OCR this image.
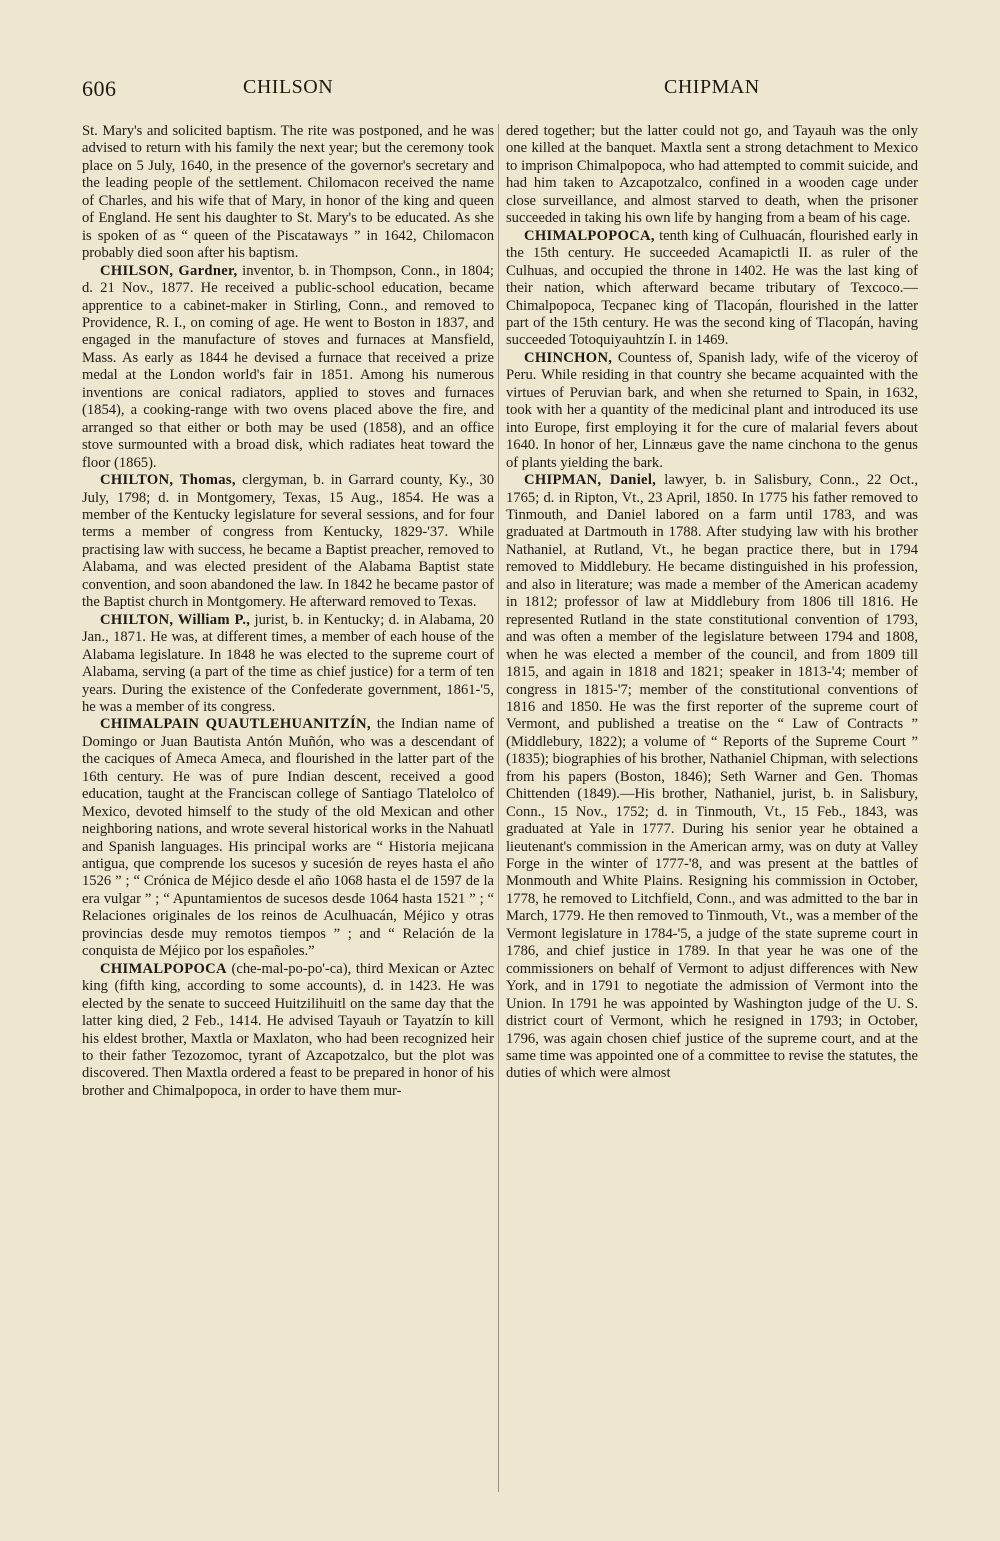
606	CHILSON	CHIPMAN

St. Mary's and solicited baptism. The rite was postponed, and he was advised to return with his family the next year; but the ceremony took place on 5 July, 1640, in the presence of the governor's secretary and the leading people of the settlement. Chilomacon received the name of Charles, and his wife that of Mary, in honor of the king and queen of England. He sent his daughter to St. Mary's to be educated. As she is spoken of as “ queen of the Piscataways ” in 1642, Chilomacon probably died soon after his baptism.

CHILSON, Gardner, inventor, b. in Thompson, Conn., in 1804; d. 21 Nov., 1877. He received a public-school education, became apprentice to a cabinet-maker in Stirling, Conn., and removed to Providence, R. I., on coming of age. He went to Boston in 1837, and engaged in the manufacture of stoves and furnaces at Mansfield, Mass. As early as 1844 he devised a furnace that received a prize medal at the London world's fair in 1851. Among his numerous inventions are conical radiators, applied to stoves and furnaces (1854), a cooking-range with two ovens placed above the fire, and arranged so that either or both may be used (1858), and an office stove surmounted with a broad disk, which radiates heat toward the floor (1865).

CHILTON, Thomas, clergyman, b. in Garrard county, Ky., 30 July, 1798; d. in Montgomery, Texas, 15 Aug., 1854. He was a member of the Kentucky legislature for several sessions, and for four terms a member of congress from Kentucky, 1829-'37. While practising law with success, he became a Baptist preacher, removed to Alabama, and was elected president of the Alabama Baptist state convention, and soon abandoned the law. In 1842 he became pastor of the Baptist church in Montgomery. He afterward removed to Texas.

CHILTON, William P., jurist, b. in Kentucky; d. in Alabama, 20 Jan., 1871. He was, at different times, a member of each house of the Alabama legislature. In 1848 he was elected to the supreme court of Alabama, serving (a part of the time as chief justice) for a term of ten years. During the existence of the Confederate government, 1861-'5, he was a member of its congress.

CHIMALPAIN QUAUTLEHUANITZÍN, the Indian name of Domingo or Juan Bautista Antón Muñón, who was a descendant of the caciques of Ameca Ameca, and flourished in the latter part of the 16th century. He was of pure Indian descent, received a good education, taught at the Franciscan college of Santiago Tlatelolco of Mexico, devoted himself to the study of the old Mexican and other neighboring nations, and wrote several historical works in the Nahuatl and Spanish languages. His principal works are “ Historia mejicana antigua, que comprende los sucesos y sucesión de reyes hasta el año 1526 ” ; “ Crónica de Méjico desde el año 1068 hasta el de 1597 de la era vulgar ” ; “ Apuntamientos de sucesos desde 1064 hasta 1521 ” ; “ Relaciones originales de los reinos de Aculhuacán, Méjico y otras provincias desde muy remotos tiempos ” ; and “ Relación de la conquista de Méjico por los españoles.”

CHIMALPOPOCA (che-mal-po-po'-ca), third Mexican or Aztec king (fifth king, according to some accounts), d. in 1423. He was elected by the senate to succeed Huitzilihuitl on the same day that the latter king died, 2 Feb., 1414. He advised Tayauh or Tayatzín to kill his eldest brother, Maxtla or Maxlaton, who had been recognized heir to their father Tezozomoc, tyrant of Azcapotzalco, but the plot was discovered. Then Maxtla ordered a feast to be prepared in honor of his brother and Chimalpopoca, in order to have them mur-

dered together; but the latter could not go, and Tayauh was the only one killed at the banquet. Maxtla sent a strong detachment to Mexico to imprison Chimalpopoca, who had attempted to commit suicide, and had him taken to Azcapotzalco, confined in a wooden cage under close surveillance, and almost starved to death, when the prisoner succeeded in taking his own life by hanging from a beam of his cage.

CHIMALPOPOCA, tenth king of Culhuacán, flourished early in the 15th century. He succeeded Acamapictli II. as ruler of the Culhuas, and occupied the throne in 1402. He was the last king of their nation, which afterward became tributary of Texcoco.—Chimalpopoca, Tecpanec king of Tlacopán, flourished in the latter part of the 15th century. He was the second king of Tlacopán, having succeeded Totoquiyauhtzín I. in 1469.

CHINCHON, Countess of, Spanish lady, wife of the viceroy of Peru. While residing in that country she became acquainted with the virtues of Peruvian bark, and when she returned to Spain, in 1632, took with her a quantity of the medicinal plant and introduced its use into Europe, first employing it for the cure of malarial fevers about 1640. In honor of her, Linnæus gave the name cinchona to the genus of plants yielding the bark.

CHIPMAN, Daniel, lawyer, b. in Salisbury, Conn., 22 Oct., 1765; d. in Ripton, Vt., 23 April, 1850. In 1775 his father removed to Tinmouth, and Daniel labored on a farm until 1783, and was graduated at Dartmouth in 1788. After studying law with his brother Nathaniel, at Rutland, Vt., he began practice there, but in 1794 removed to Middlebury. He became distinguished in his profession, and also in literature; was made a member of the American academy in 1812; professor of law at Middlebury from 1806 till 1816. He represented Rutland in the state constitutional convention of 1793, and was often a member of the legislature between 1794 and 1808, when he was elected a member of the council, and from 1809 till 1815, and again in 1818 and 1821; speaker in 1813-'4; member of congress in 1815-'7; member of the constitutional conventions of 1816 and 1850. He was the first reporter of the supreme court of Vermont, and published a treatise on the “ Law of Contracts ” (Middlebury, 1822); a volume of “ Reports of the Supreme Court ” (1835); biographies of his brother, Nathaniel Chipman, with selections from his papers (Boston, 1846); Seth Warner and Gen. Thomas Chittenden (1849).—His brother, Nathaniel, jurist, b. in Salisbury, Conn., 15 Nov., 1752; d. in Tinmouth, Vt., 15 Feb., 1843, was graduated at Yale in 1777. During his senior year he obtained a lieutenant's commission in the American army, was on duty at Valley Forge in the winter of 1777-'8, and was present at the battles of Monmouth and White Plains. Resigning his commission in October, 1778, he removed to Litchfield, Conn., and was admitted to the bar in March, 1779. He then removed to Tinmouth, Vt., was a member of the Vermont legislature in 1784-'5, a judge of the state supreme court in 1786, and chief justice in 1789. In that year he was one of the commissioners on behalf of Vermont to adjust differences with New York, and in 1791 to negotiate the admission of Vermont into the Union. In 1791 he was appointed by Washington judge of the U. S. district court of Vermont, which he resigned in 1793; in October, 1796, was again chosen chief justice of the supreme court, and at the same time was appointed one of a committee to revise the statutes, the duties of which were almost
